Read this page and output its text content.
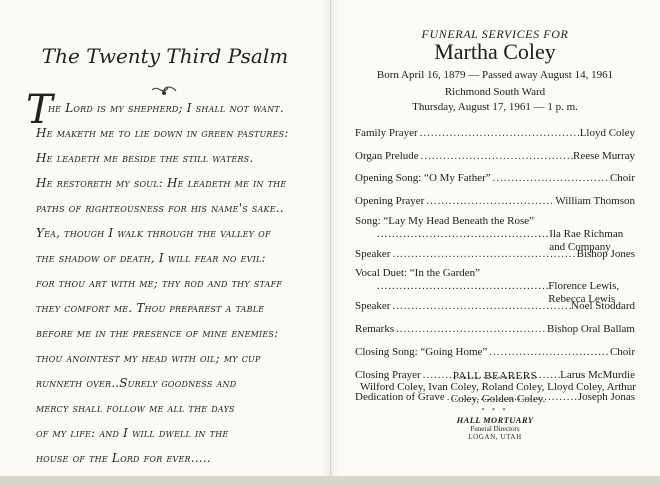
The Twenty Third Psalm
T
he Lord is my shepherd; I shall not want.
He maketh me to lie down in green pastures:
He leadeth me beside the still waters.
He restoreth my soul: He leadeth me in the
paths of righteousness for his name's sake..
Yea, though I walk through the valley of
the shadow of death, I will fear no evil:
for thou art with me; thy rod and thy staff
they comfort me. Thou preparest a table
before me in the presence of mine enemies:
thou anointest my head with oil; my cup
runneth over..Surely goodness and
mercy shall follow me all the days
of my life: and I will dwell in the
house of the Lord for ever.....
FUNERAL SERVICES FOR
Martha Coley
Born April 16, 1879 — Passed away August 14, 1961
Richmond South Ward
Thursday, August 17, 1961 — 1 p. m.
Family Prayer .....	Lloyd Coley
Organ Prelude .....	Reese Murray
Opening Song: “O My Father” .....	Choir
Opening Prayer .....	William Thomson
Song: “Lay My Head Beneath the Rose”
.....
Ila Rae Richman and Company
Speaker .....	Bishop Jones
Vocal Duet: “In the Garden”
.....
Florence Lewis, Rebecca Lewis
Speaker .....	Noel Stoddard
Remarks .....	Bishop Oral Ballam
Closing Song: “Going Home” .....	Choir
Closing Prayer .....	Larus McMurdie
Dedication of Grave .....	Joseph Jonas
PALL BEARERS
Wilford Coley, Ivan Coley, Roland Coley, Lloyd Coley, Arthur Coley, Golden Coley.
* * *
HALL MORTUARY
Funeral Directors
LOGAN, UTAH
